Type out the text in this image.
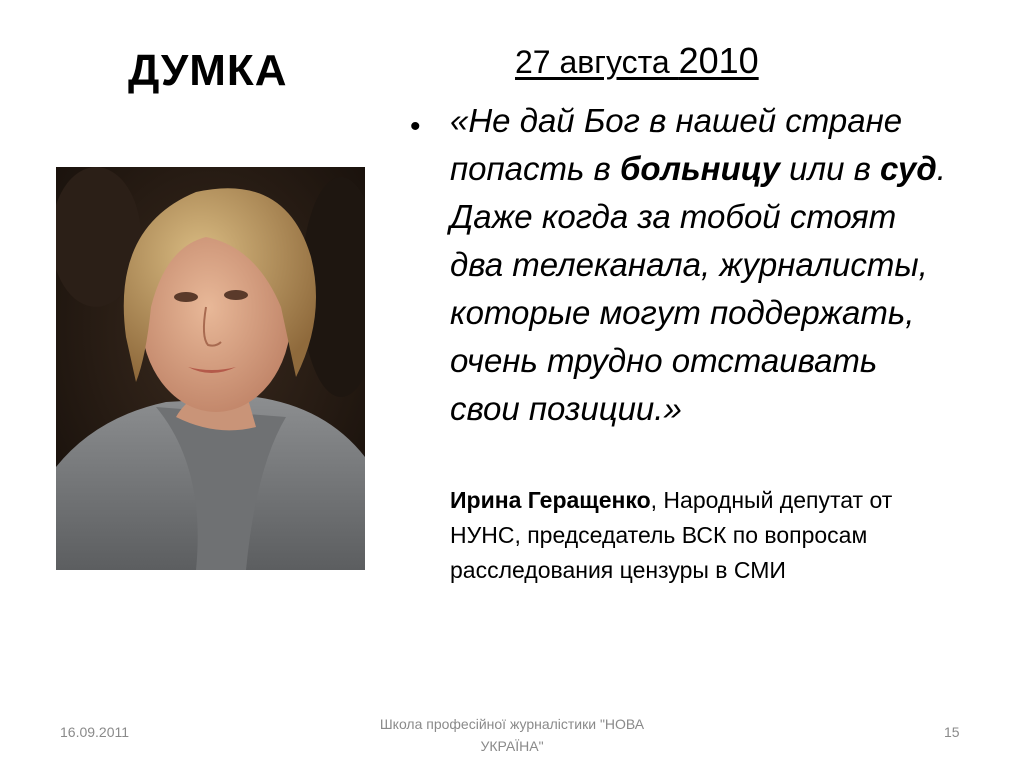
ДУМКА	27 августа 2010
• «Не дай Бог в нашей стране попасть в больницу или в суд. Даже когда за тобой стоят два телеканала, журналисты, которые могут поддержать, очень трудно отстаивать свои позиции.»
Ирина Геращенко, Народный депутат от НУНС, председатель ВСК по вопросам расследования цензуры в СМИ
16.09.2011	Школа професійної журналістики "НОВА УКРАЇНА"
15
